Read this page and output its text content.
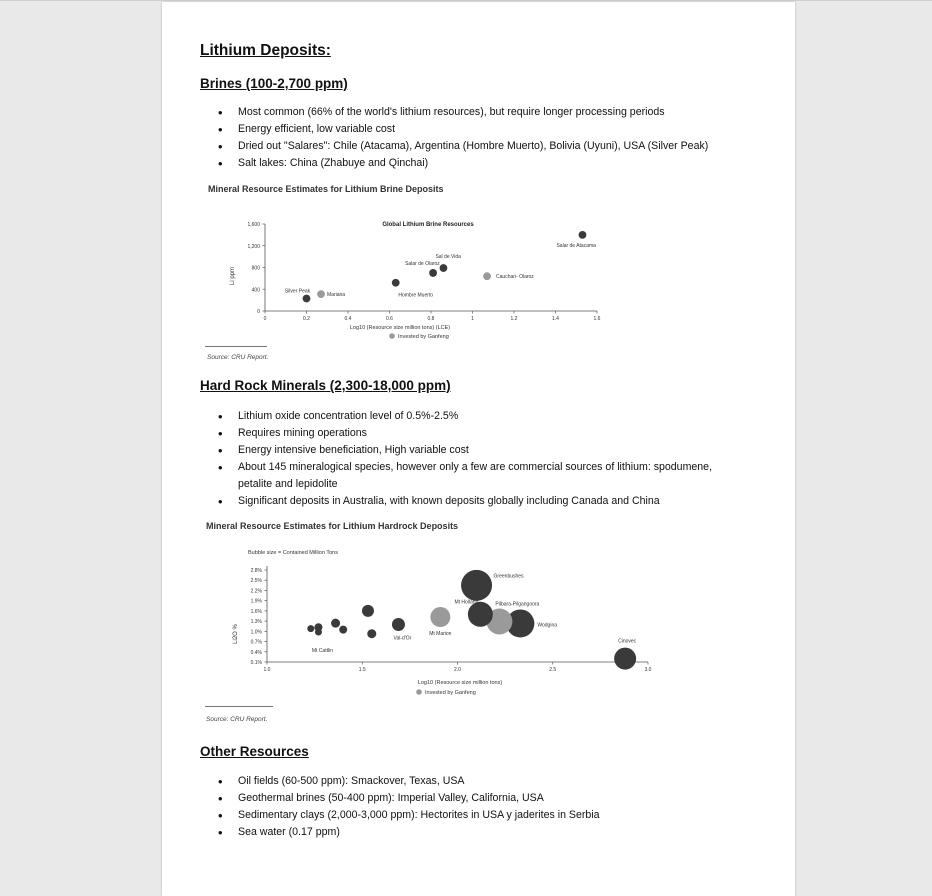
Lithium Deposits:
Brines (100-2,700 ppm)
• Most common (66% of the world's lithium resources), but require longer processing periods
• Energy efficient, low variable cost
• Dried out "Salares": Chile (Atacama), Argentina (Hombre Muerto), Bolivia (Uyuni), USA (Silver Peak)
• Salt lakes: China (Zhabuye and Qinchai)
Mineral Resource Estimates for Lithium Brine Deposits
Global Lithium Brine Resources
Li ppm
Log10 (Resource size million tons) (LCE)
Invested by Ganfeng
0
400
800
1,200
1,600
0	0.2	0.4	0.6	0.8	1	1.2	1.4	1.6
Silver Peak
Mariana	Hombre Muerto
Salar de Olaroz
Sal de Vida
Cauchari- Olaroz
Salar de Atacama
Source: CRU Report.
Hard Rock Minerals (2,300-18,000 ppm)
• Lithium oxide concentration level of 0.5%-2.5%
• Requires mining operations
• Energy intensive beneficiation, High variable cost
• About 145 mineralogical species, however only a few are commercial sources of lithium: spodumene, petalite and lepidolite
• Significant deposits in Australia, with known deposits globally including Canada and China
Mineral Resource Estimates for Lithium Hardrock Deposits
Bubble size = Contained Million Tons
Li2O %
Log10 (Resource size million tons)
Invested by Ganfeng
0.1%
0.4%
0.7%
1.0%
1.3%
1.6%
1.9%
2.2%
2.5%
2.8%
1.0	1.5	2.0	2.5	3.0
Mt Cattlin
Val-d'Or
Mt Marion
Greenbushes
Mt Holland
Wodgina
Pilbara-Pilgangoora
Cinovec
Source: CRU Report.
Other Resources
• Oil fields (60-500 ppm): Smackover, Texas, USA
• Geothermal brines (50-400 ppm): Imperial Valley, California, USA
• Sedimentary clays (2,000-3,000 ppm): Hectorites in USA y jaderites in Serbia
• Sea water (0.17 ppm)
